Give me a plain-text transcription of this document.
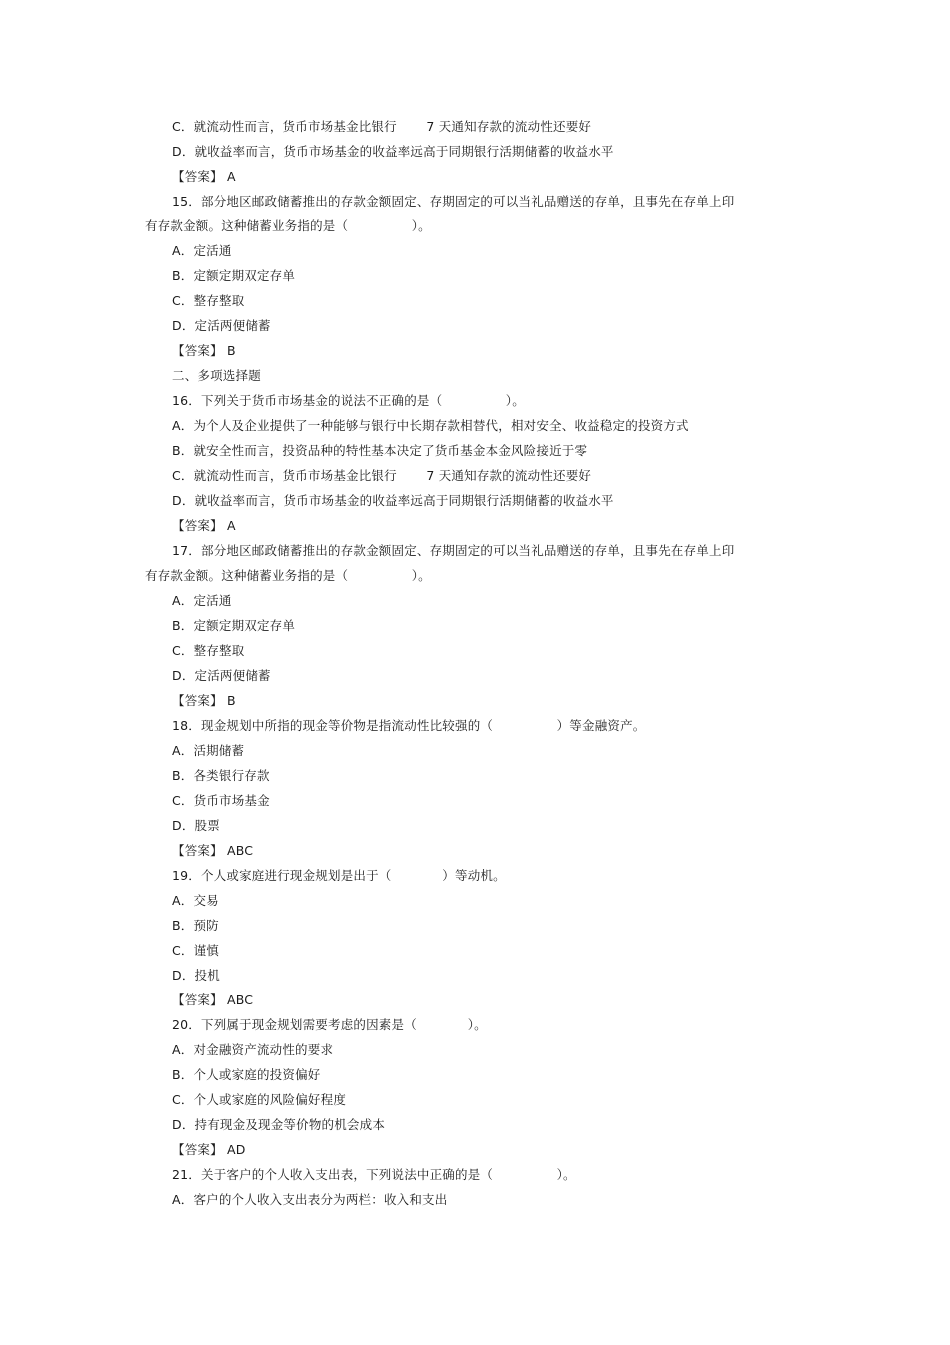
C．就流动性而言，货币市场基金比银行　　 7 天通知存款的流动性还要好
D．就收益率而言，货币市场基金的收益率远高于同期银行活期储蓄的收益水平
【答案】 A
15．部分地区邮政储蓄推出的存款金额固定、存期固定的可以当礼品赠送的存单，且事先在存单上印
有存款金额。这种储蓄业务指的是（　　　　　）。
A．定活通
B．定额定期双定存单
C．整存整取
D．定活两便储蓄
【答案】 B
二、多项选择题
16．下列关于货币市场基金的说法不正确的是（　　　　　）。
A．为个人及企业提供了一种能够与银行中长期存款相替代，相对安全、收益稳定的投资方式
B．就安全性而言，投资品种的特性基本决定了货币基金本金风险接近于零
C．就流动性而言，货币市场基金比银行　　 7 天通知存款的流动性还要好
D．就收益率而言，货币市场基金的收益率远高于同期银行活期储蓄的收益水平
【答案】 A
17．部分地区邮政储蓄推出的存款金额固定、存期固定的可以当礼品赠送的存单，且事先在存单上印
有存款金额。这种储蓄业务指的是（　　　　　）。
A．定活通
B．定额定期双定存单
C．整存整取
D．定活两便储蓄
【答案】 B
18．现金规划中所指的现金等价物是指流动性比较强的（　　　　　）等金融资产。
A．活期储蓄
B．各类银行存款
C．货币市场基金
D．股票
【答案】 ABC
19．个人或家庭进行现金规划是出于（　　　　）等动机。
A．交易
B．预防
C．谨慎
D．投机
【答案】 ABC
20．下列属于现金规划需要考虑的因素是（　　　　）。
A．对金融资产流动性的要求
B．个人或家庭的投资偏好
C．个人或家庭的风险偏好程度
D．持有现金及现金等价物的机会成本
【答案】 AD
21．关于客户的个人收入支出表，下列说法中正确的是（　　　　　）。
A．客户的个人收入支出表分为两栏：收入和支出
